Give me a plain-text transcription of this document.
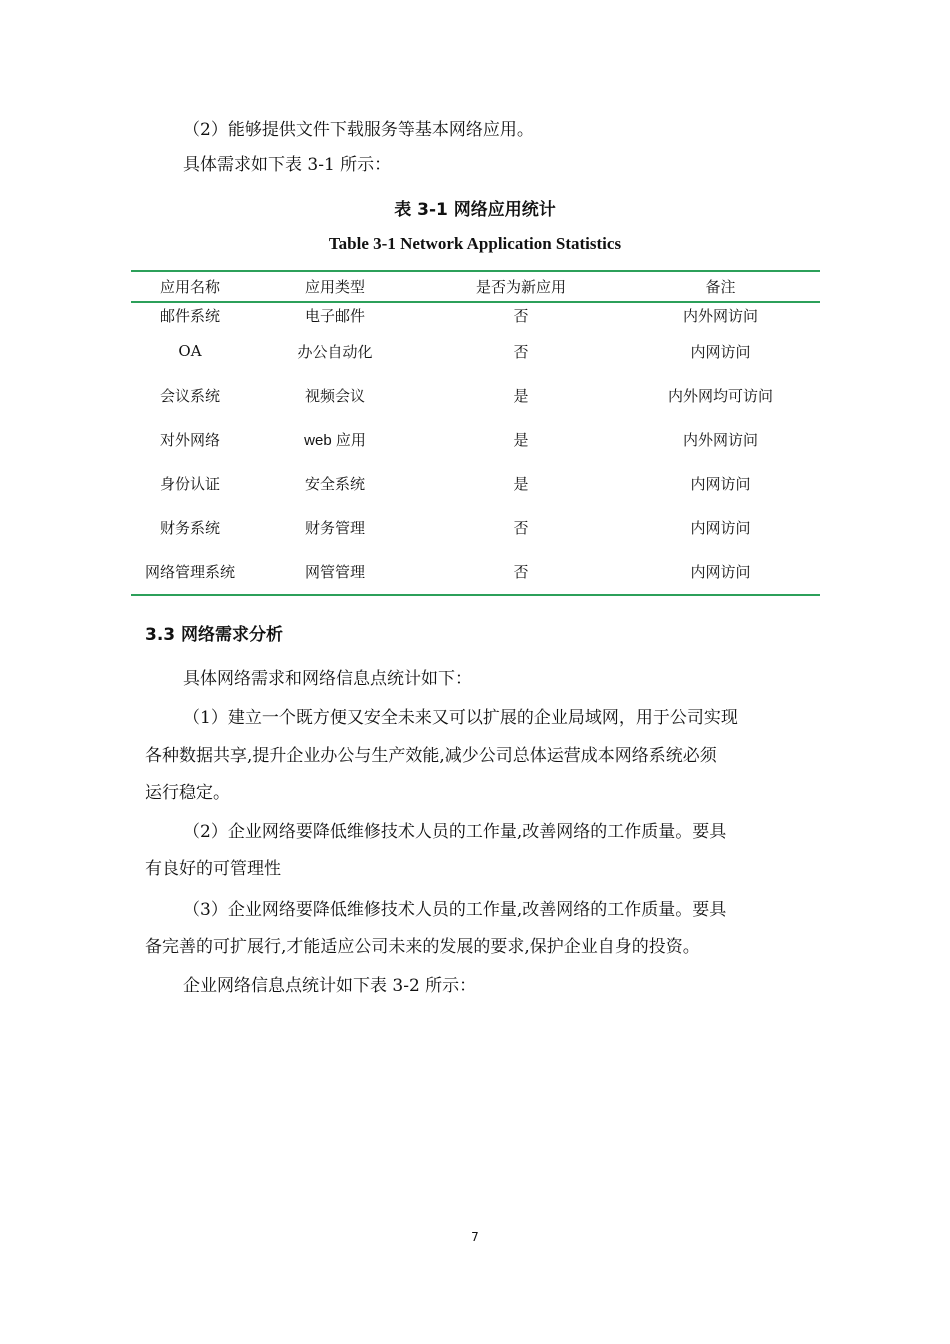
（2）能够提供文件下载服务等基本网络应用。

具体需求如下表 3-1 所示：

表 3-1 网络应用统计

Table 3-1 Network Application Statistics

应用名称	应用类型	是否为新应用	备注
邮件系统	电子邮件	否	内外网访问
OA	办公自动化	否	内网访问
会议系统	视频会议	是	内外网均可访问
对外网络	web 应用	是	内外网访问
身份认证	安全系统	是	内网访问
财务系统	财务管理	否	内网访问
网络管理系统	网管管理	否	内网访问

3.3 网络需求分析

具体网络需求和网络信息点统计如下：

（1）建立一个既方便又安全未来又可以扩展的企业局域网，用于公司实现

各种数据共享,提升企业办公与生产效能,减少公司总体运营成本网络系统必须

运行稳定。

（2）企业网络要降低维修技术人员的工作量,改善网络的工作质量。要具

有良好的可管理性

（3）企业网络要降低维修技术人员的工作量,改善网络的工作质量。要具

备完善的可扩展行,才能适应公司未来的发展的要求,保护企业自身的投资。

企业网络信息点统计如下表 3-2 所示：

7
